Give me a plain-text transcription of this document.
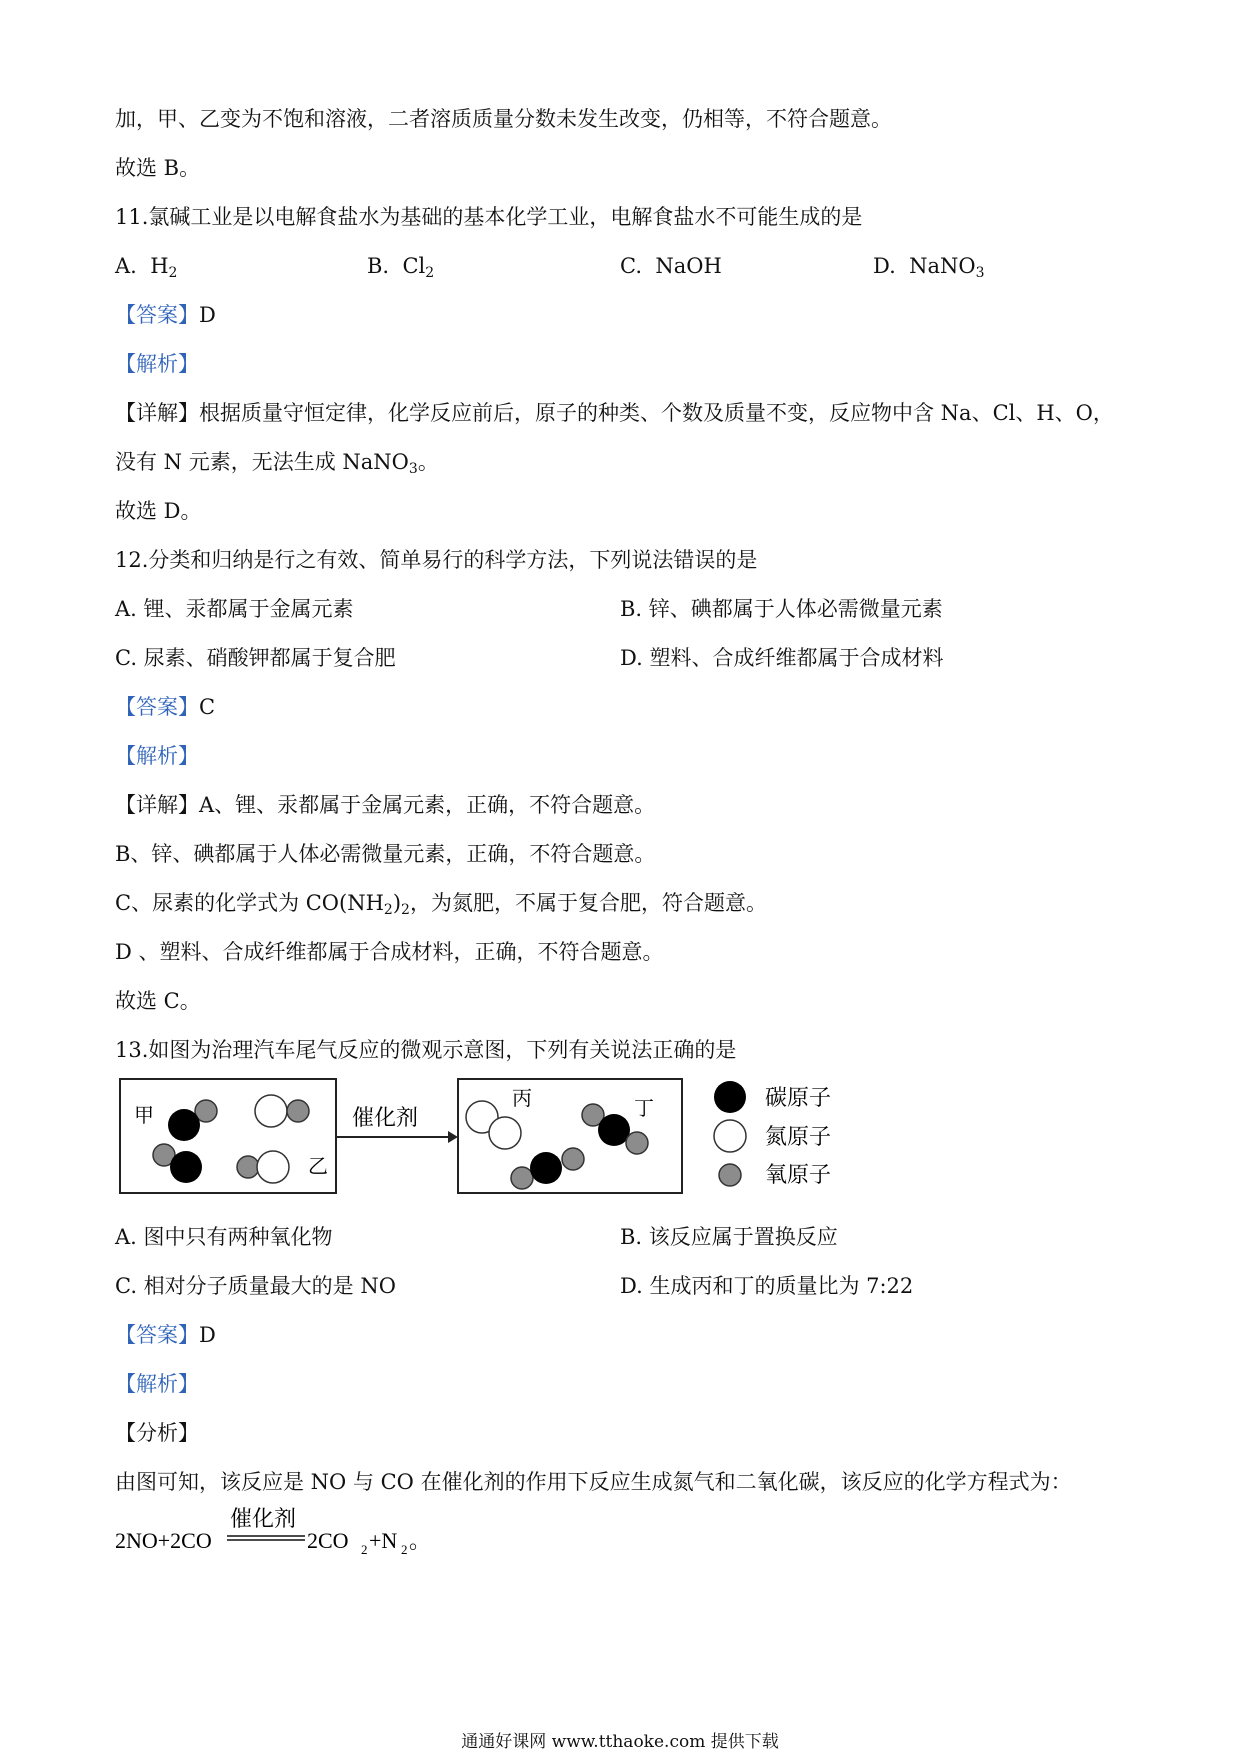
加，甲、乙变为不饱和溶液，二者溶质质量分数未发生改变，仍相等，不符合题意。
故选 B。
11.氯碱工业是以电解食盐水为基础的基本化学工业，电解食盐水不可能生成的是
A. $H_2$	B. $Cl_2$	C. NaOH	D. NaNO$_3$
【答案】D
【解析】
【详解】根据质量守恒定律，化学反应前后，原子的种类、个数及质量不变，反应物中含 Na、Cl、H、O，
没有 N 元素，无法生成 NaNO$_3$。
故选 D。
12.分类和归纳是行之有效、简单易行的科学方法，下列说法错误的是
A. 锂、汞都属于金属元素	B. 锌、碘都属于人体必需微量元素
C. 尿素、硝酸钾都属于复合肥	D. 塑料、合成纤维都属于合成材料
【答案】C
【解析】
【详解】A、锂、汞都属于金属元素，正确，不符合题意。
B、锌、碘都属于人体必需微量元素，正确，不符合题意。
C、尿素的化学式为 $CO(NH_2)_2$，为氮肥，不属于复合肥，符合题意。
D 、塑料、合成纤维都属于合成材料，正确，不符合题意。
故选 C。
13.如图为治理汽车尾气反应的微观示意图，下列有关说法正确的是
甲
乙
催化剂
丙	丁	碳原子
氮原子
氧原子
A. 图中只有两种氧化物	B. 该反应属于置换反应
C. 相对分子质量最大的是 NO	D. 生成丙和丁的质量比为 7:22
【答案】D
【解析】
【分析】
由图可知，该反应是 NO 与 CO 在催化剂的作用下反应生成氮气和二氧化碳，该反应的化学方程式为：
催化剂
2NO+2CO	2CO 2 +N 2 。
通通好课网 www.tthaoke.com 提供下载
